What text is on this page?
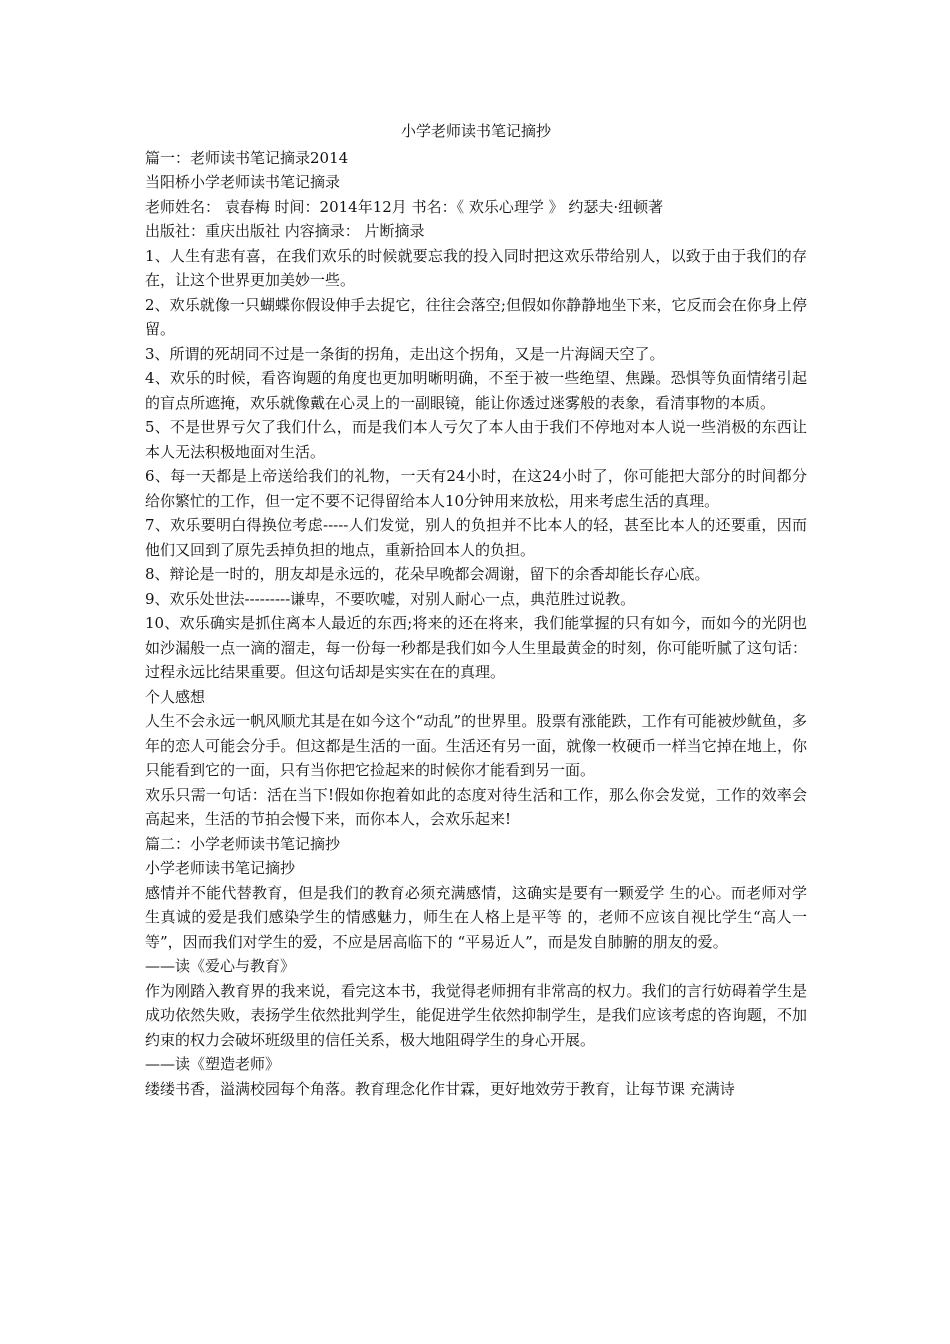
小学老师读书笔记摘抄

篇一：老师读书笔记摘录2014

当阳桥小学老师读书笔记摘录

老师姓名： 袁春梅 时间：2014年12月 书名：《 欢乐心理学 》 约瑟夫·纽顿著

出版社：重庆出版社 内容摘录： 片断摘录

1、人生有悲有喜，在我们欢乐的时候就要忘我的投入同时把这欢乐带给别人，以致于由于我们的存在，让这个世界更加美妙一些。

2、欢乐就像一只蝴蝶你假设伸手去捉它，往往会落空;但假如你静静地坐下来，它反而会在你身上停留。

3、所谓的死胡同不过是一条街的拐角，走出这个拐角，又是一片海阔天空了。

4、欢乐的时候，看咨询题的角度也更加明晰明确，不至于被一些绝望、焦躁。恐惧等负面情绪引起的盲点所遮掩，欢乐就像戴在心灵上的一副眼镜，能让你透过迷雾般的表象，看清事物的本质。

5、不是世界亏欠了我们什么，而是我们本人亏欠了本人由于我们不停地对本人说一些消极的东西让本人无法积极地面对生活。

6、每一天都是上帝送给我们的礼物，一天有24小时，在这24小时了，你可能把大部分的时间都分给你繁忙的工作，但一定不要不记得留给本人10分钟用来放松，用来考虑生活的真理。

7、欢乐要明白得换位考虑-----人们发觉，别人的负担并不比本人的轻，甚至比本人的还要重，因而他们又回到了原先丢掉负担的地点，重新拾回本人的负担。

8、辩论是一时的，朋友却是永远的，花朵早晚都会凋谢，留下的余香却能长存心底。

9、欢乐处世法---------谦卑，不要吹嘘，对别人耐心一点，典范胜过说教。

10、欢乐确实是抓住离本人最近的东西;将来的还在将来，我们能掌握的只有如今，而如今的光阴也如沙漏般一点一滴的溜走，每一份每一秒都是我们如今人生里最黄金的时刻，你可能听腻了这句话：过程永远比结果重要。但这句话却是实实在在的真理。

个人感想

人生不会永远一帆风顺尤其是在如今这个“动乱”的世界里。股票有涨能跌，工作有可能被炒鱿鱼，多年的恋人可能会分手。但这都是生活的一面。生活还有另一面，就像一枚硬币一样当它掉在地上，你只能看到它的一面，只有当你把它捡起来的时候你才能看到另一面。

欢乐只需一句话：活在当下!假如你抱着如此的态度对待生活和工作，那么你会发觉，工作的效率会高起来，生活的节拍会慢下来，而你本人，会欢乐起来!

篇二：小学老师读书笔记摘抄

小学老师读书笔记摘抄

感情并不能代替教育，但是我们的教育必须充满感情，这确实是要有一颗爱学 生的心。而老师对学生真诚的爱是我们感染学生的情感魅力，师生在人格上是平等 的，老师不应该自视比学生“高人一等”，因而我们对学生的爱，不应是居高临下的 “平易近人”，而是发自肺腑的朋友的爱。

——读《爱心与教育》

作为刚踏入教育界的我来说，看完这本书，我觉得老师拥有非常高的权力。我们的言行妨碍着学生是成功依然失败，表扬学生依然批判学生，能促进学生依然抑制学生，是我们应该考虑的咨询题，不加约束的权力会破坏班级里的信任关系，极大地阻碍学生的身心开展。

——读《塑造老师》

缕缕书香，溢满校园每个角落。教育理念化作甘霖，更好地效劳于教育，让每节课 充满诗
